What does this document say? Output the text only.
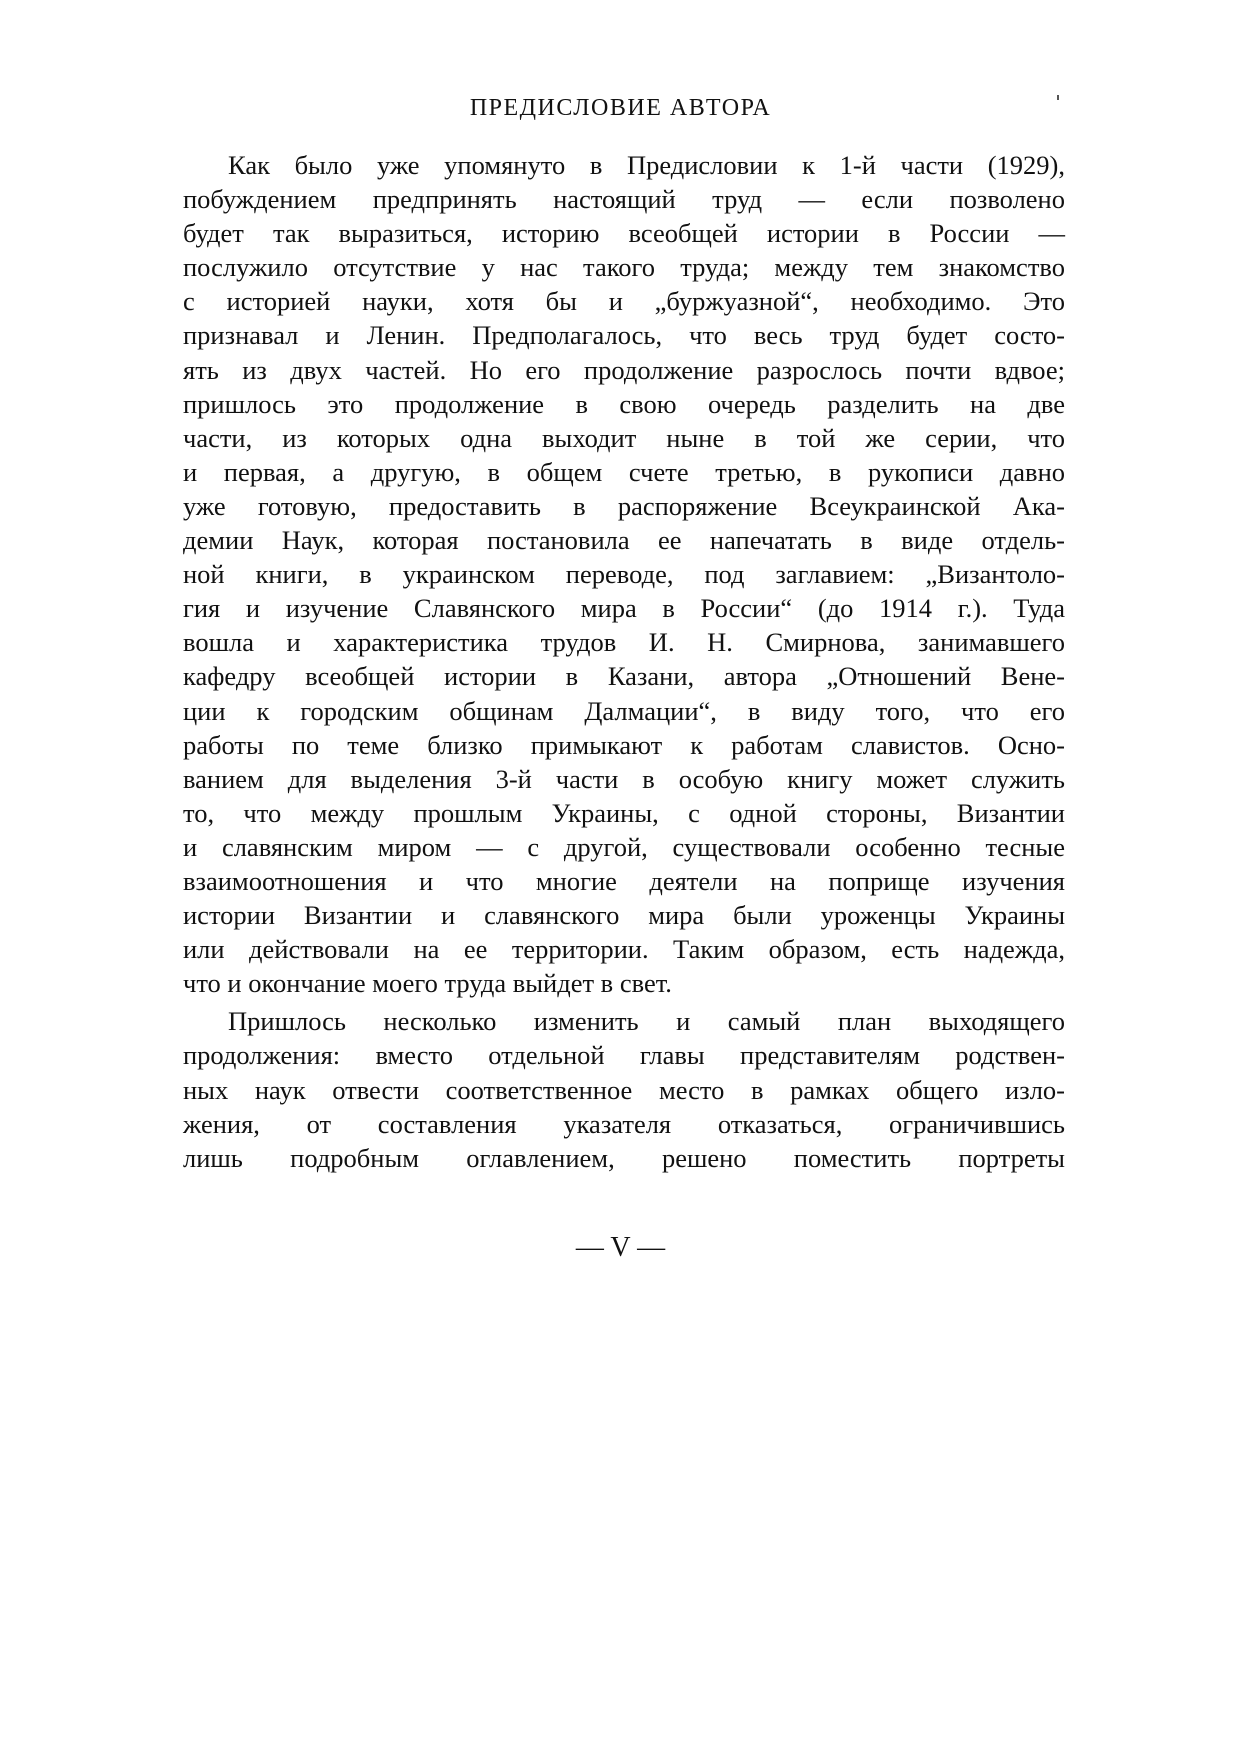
ПРЕДИСЛОВИЕ АВТОРА
Как было уже упомянуто в Предисловии к 1-й части (1929),
побуждением предпринять настоящий труд — если позволено
будет так выразиться, историю всеобщей истории в России —
послужило отсутствие у нас такого труда; между тем знакомство
с историей науки, хотя бы и „буржуазной“, необходимо. Это
признавал и Ленин. Предполагалось, что весь труд будет состо-
ять из двух частей. Но его продолжение разрослось почти вдвое;
пришлось это продолжение в свою очередь разделить на две
части, из которых одна выходит ныне в той же серии, что
и первая, а другую, в общем счете третью, в рукописи давно
уже готовую, предоставить в распоряжение Всеукраинской Ака-
демии Наук, которая постановила ее напечатать в виде отдель-
ной книги, в украинском переводе, под заглавием: „Византоло-
гия и изучение Славянского мира в России“ (до 1914 г.). Туда
вошла и характеристика трудов И. Н. Смирнова, занимавшего
кафедру всеобщей истории в Казани, автора „Отношений Вене-
ции к городским общинам Далмации“, в виду того, что его
работы по теме близко примыкают к работам славистов. Осно-
ванием для выделения 3-й части в особую книгу может служить
то, что между прошлым Украины, с одной стороны, Византии
и славянским миром — с другой, существовали особенно тесные
взаимоотношения и что многие деятели на поприще изучения
истории Византии и славянского мира были уроженцы Украины
или действовали на ее территории. Таким образом, есть надежда,
что и окончание моего труда выйдет в свет.
Пришлось несколько изменить и самый план выходящего
продолжения: вместо отдельной главы представителям родствен-
ных наук отвести соответственное место в рамках общего изло-
жения, от составления указателя отказаться, ограничившись
лишь подробным оглавлением, решено поместить портреты
— V —
